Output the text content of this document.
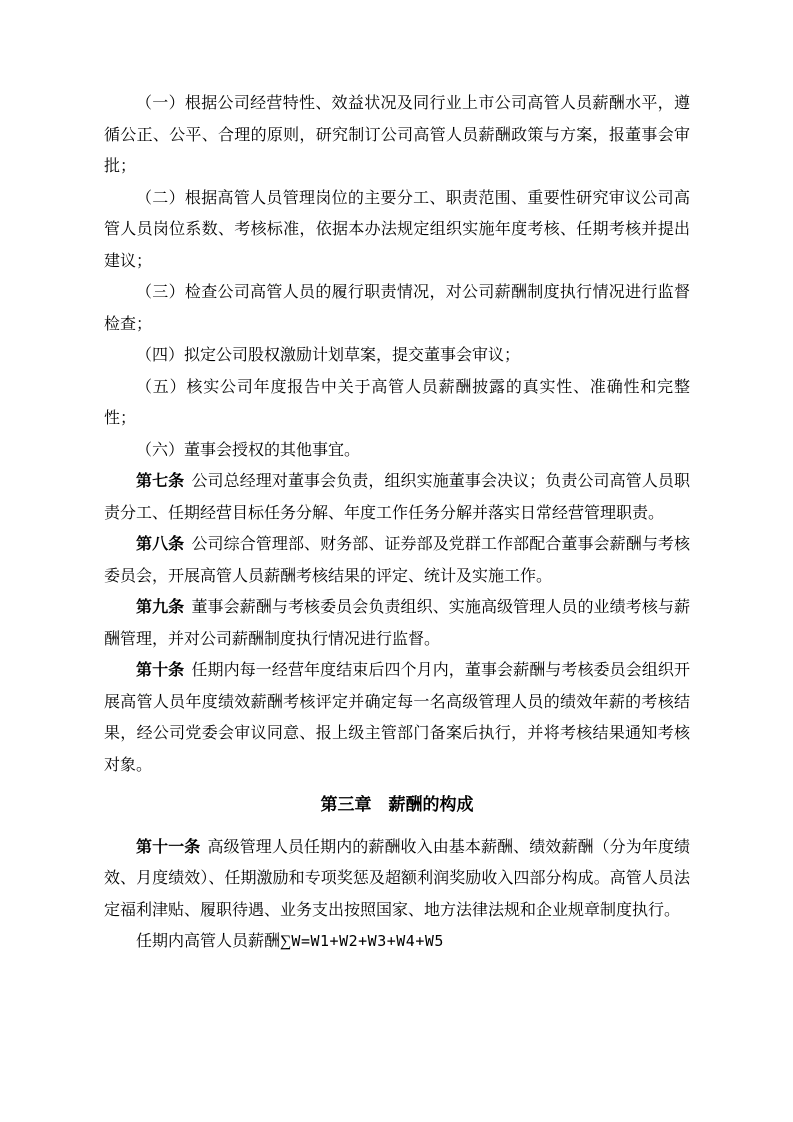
（一）根据公司经营特性、效益状况及同行业上市公司高管人员薪酬水平，遵循公正、公平、合理的原则，研究制订公司高管人员薪酬政策与方案，报董事会审批；

（二）根据高管人员管理岗位的主要分工、职责范围、重要性研究审议公司高管人员岗位系数、考核标准，依据本办法规定组织实施年度考核、任期考核并提出建议；

（三）检查公司高管人员的履行职责情况，对公司薪酬制度执行情况进行监督检查；

（四）拟定公司股权激励计划草案，提交董事会审议；

（五）核实公司年度报告中关于高管人员薪酬披露的真实性、准确性和完整性；

（六）董事会授权的其他事宜。

第七条 公司总经理对董事会负责，组织实施董事会决议；负责公司高管人员职责分工、任期经营目标任务分解、年度工作任务分解并落实日常经营管理职责。

第八条 公司综合管理部、财务部、证券部及党群工作部配合董事会薪酬与考核委员会，开展高管人员薪酬考核结果的评定、统计及实施工作。

第九条 董事会薪酬与考核委员会负责组织、实施高级管理人员的业绩考核与薪酬管理，并对公司薪酬制度执行情况进行监督。

第十条 任期内每一经营年度结束后四个月内，董事会薪酬与考核委员会组织开展高管人员年度绩效薪酬考核评定并确定每一名高级管理人员的绩效年薪的考核结果，经公司党委会审议同意、报上级主管部门备案后执行，并将考核结果通知考核对象。

第三章　薪酬的构成

第十一条 高级管理人员任期内的薪酬收入由基本薪酬、绩效薪酬（分为年度绩效、月度绩效）、任期激励和专项奖惩及超额利润奖励收入四部分构成。高管人员法定福利津贴、履职待遇、业务支出按照国家、地方法律法规和企业规章制度执行。

任期内高管人员薪酬∑W=W1+W2+W3+W4+W5
